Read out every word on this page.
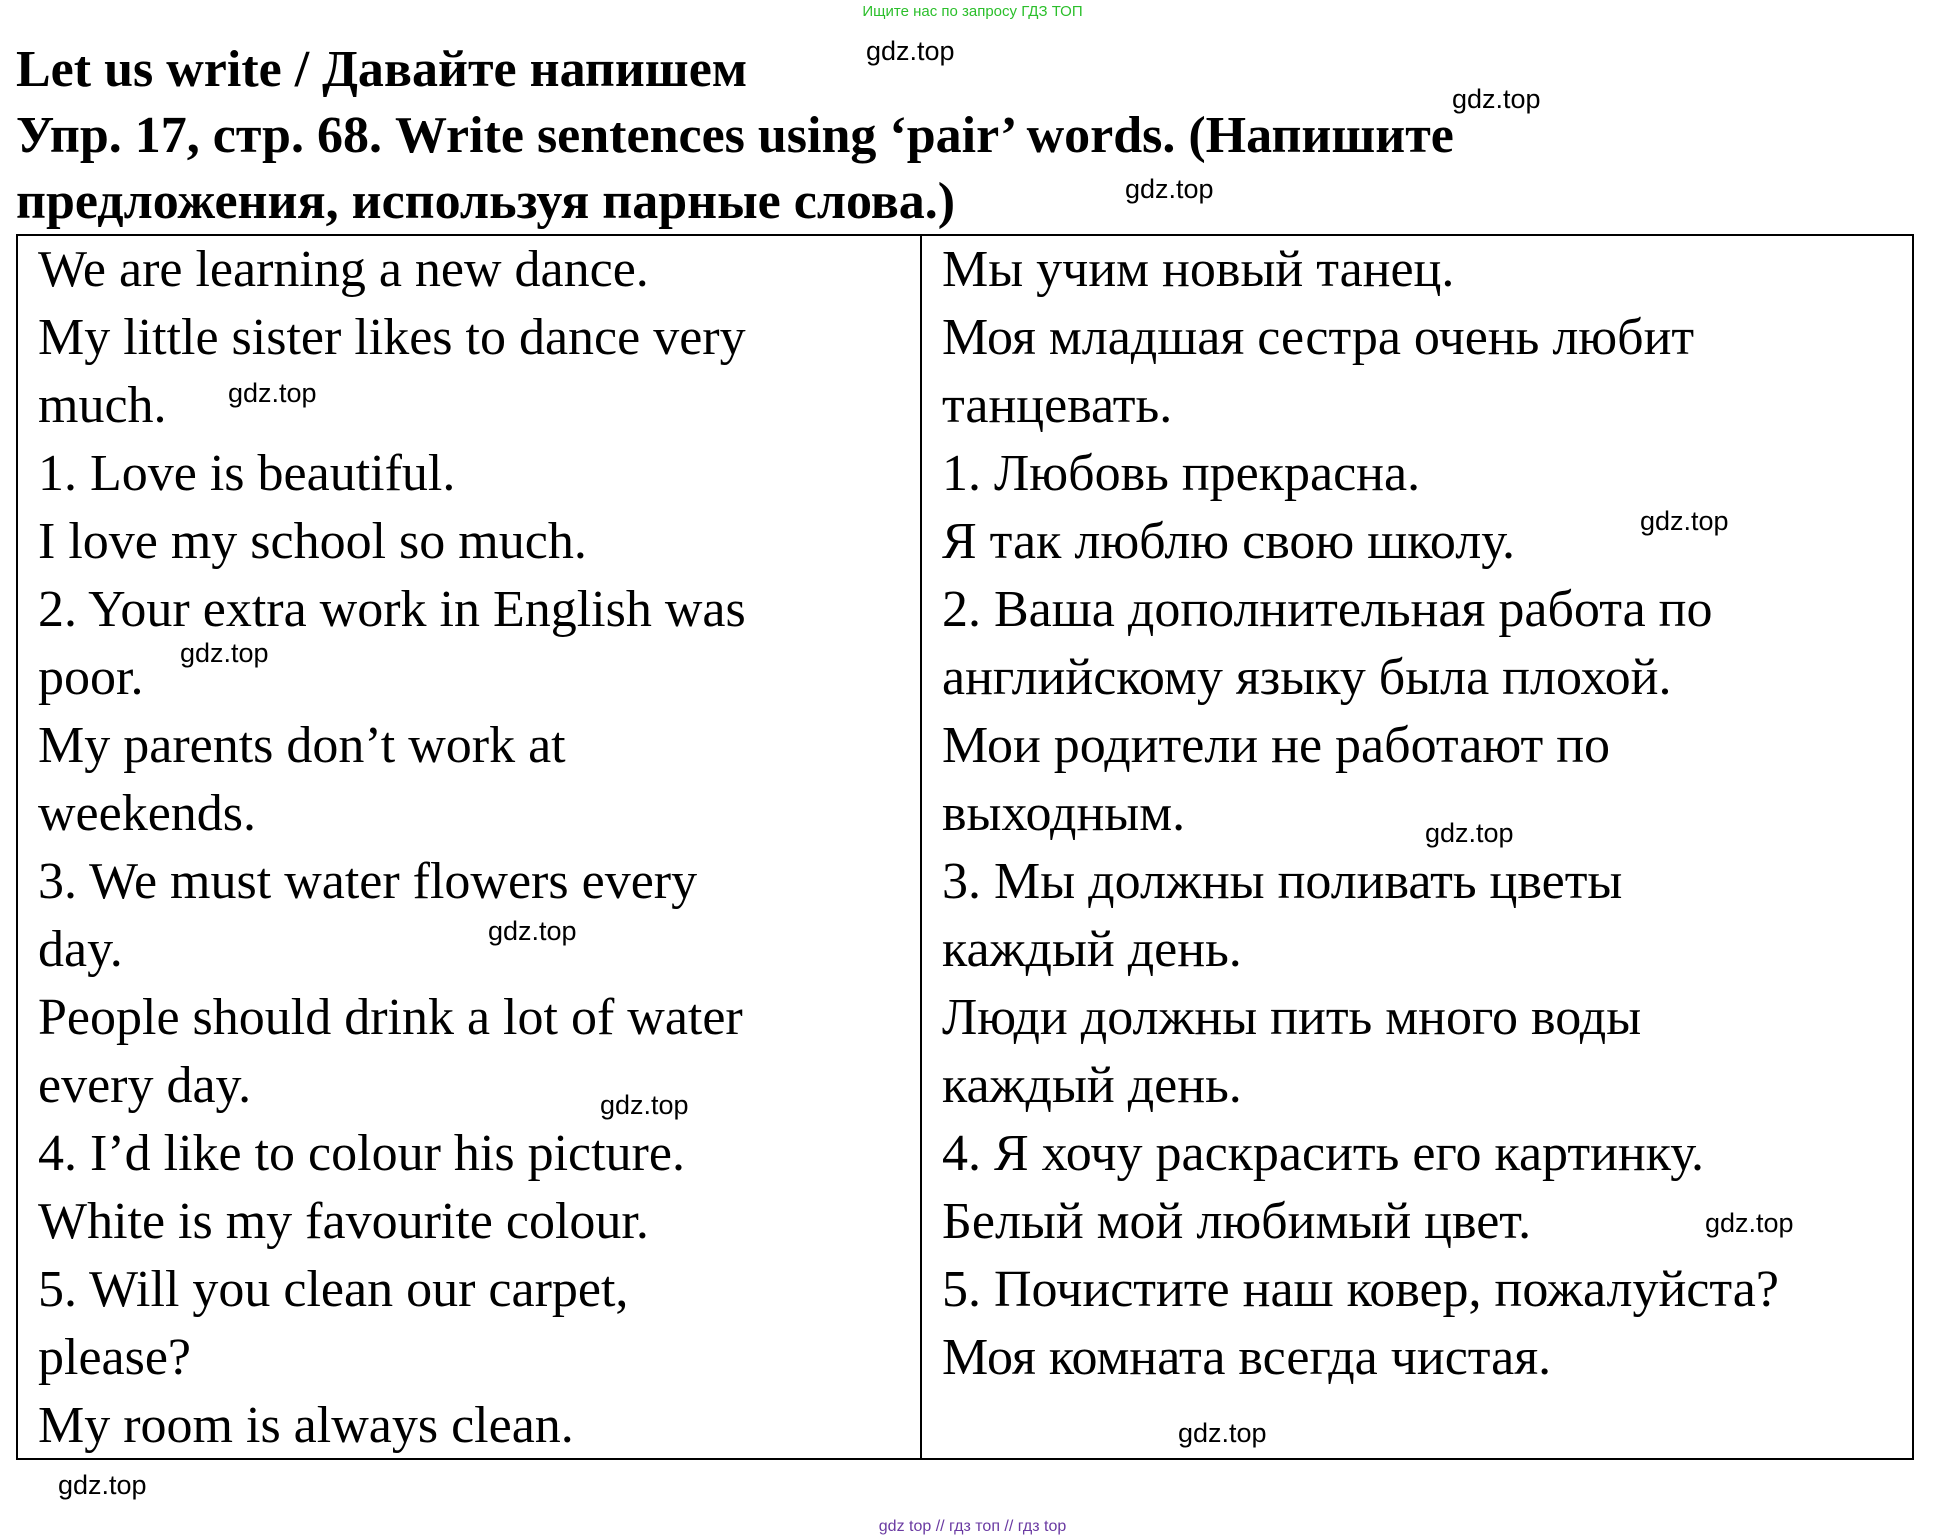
Ищите нас по запросу ГДЗ ТОП
Let us write / Давайте напишем
Упр. 17, стр. 68. Write sentences using ‘pair’ words. (Напишите
предложения, используя парные слова.)
gdz.top
gdz.top
gdz.top
We are learning a new dance.
My little sister likes to dance very
much.
1. Love is beautiful.
I love my school so much.
2. Your extra work in English was
poor.
My parents don’t work at
weekends.
3. We must water flowers every
day.
People should drink a lot of water
every day.
4. I’d like to colour his picture.
White is my favourite colour.
5. Will you clean our carpet,
please?
My room is always clean.
Мы учим новый танец.
Моя младшая сестра очень любит
танцевать.
1. Любовь прекрасна.
Я так люблю свою школу.
2. Ваша дополнительная работа по
английскому языку была плохой.
Мои родители не работают по
выходным.
3. Мы должны поливать цветы
каждый день.
Люди должны пить много воды
каждый день.
4. Я хочу раскрасить его картинку.
Белый мой любимый цвет.
5. Почистите наш ковер, пожалуйста?
Моя комната всегда чистая.
gdz.top
gdz.top
gdz.top
gdz.top
gdz.top
gdz.top
gdz.top
gdz.top
gdz.top
gdz top // гдз топ // гдз top
